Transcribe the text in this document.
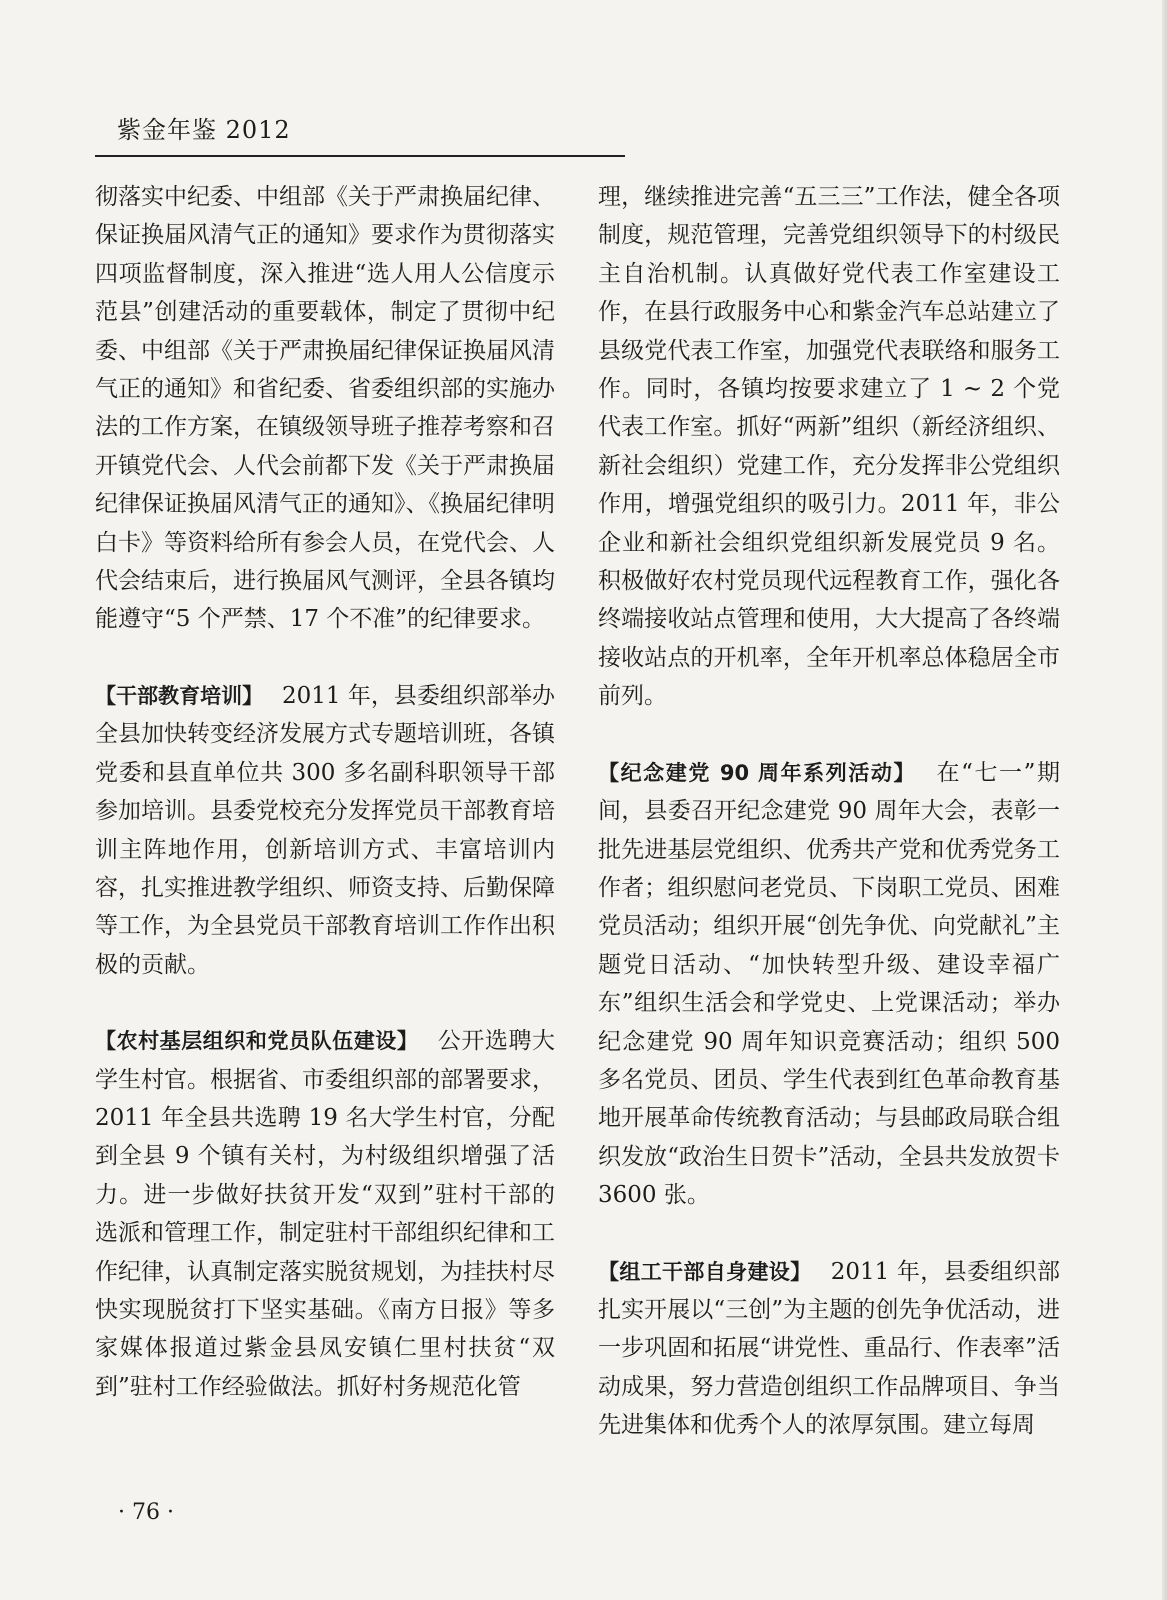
紫金年鉴 2012

彻落实中纪委、中组部《关于严肃换届纪律、保证换届风清气正的通知》要求作为贯彻落实四项监督制度，深入推进“选人用人公信度示范县”创建活动的重要载体，制定了贯彻中纪委、中组部《关于严肃换届纪律保证换届风清气正的通知》和省纪委、省委组织部的实施办法的工作方案，在镇级领导班子推荐考察和召开镇党代会、人代会前都下发《关于严肃换届纪律保证换届风清气正的通知》、《换届纪律明白卡》等资料给所有参会人员，在党代会、人代会结束后，进行换届风气测评，全县各镇均能遵守“5 个严禁、17 个不准”的纪律要求。

【干部教育培训】  2011 年，县委组织部举办全县加快转变经济发展方式专题培训班，各镇党委和县直单位共 300 多名副科职领导干部参加培训。县委党校充分发挥党员干部教育培训主阵地作用，创新培训方式、丰富培训内容，扎实推进教学组织、师资支持、后勤保障等工作，为全县党员干部教育培训工作作出积极的贡献。

【农村基层组织和党员队伍建设】  公开选聘大学生村官。根据省、市委组织部的部署要求，2011 年全县共选聘 19 名大学生村官，分配到全县 9 个镇有关村，为村级组织增强了活力。进一步做好扶贫开发“双到”驻村干部的选派和管理工作，制定驻村干部组织纪律和工作纪律，认真制定落实脱贫规划，为挂扶村尽快实现脱贫打下坚实基础。《南方日报》等多家媒体报道过紫金县凤安镇仁里村扶贫“双到”驻村工作经验做法。抓好村务规范化管

理，继续推进完善“五三三”工作法，健全各项制度，规范管理，完善党组织领导下的村级民主自治机制。认真做好党代表工作室建设工作，在县行政服务中心和紫金汽车总站建立了县级党代表工作室，加强党代表联络和服务工作。同时，各镇均按要求建立了 1 ~ 2 个党代表工作室。抓好“两新”组织（新经济组织、新社会组织）党建工作，充分发挥非公党组织作用，增强党组织的吸引力。2011 年，非公企业和新社会组织党组织新发展党员 9 名。积极做好农村党员现代远程教育工作，强化各终端接收站点管理和使用，大大提高了各终端接收站点的开机率，全年开机率总体稳居全市前列。

【纪念建党 90 周年系列活动】  在“七一”期间，县委召开纪念建党 90 周年大会，表彰一批先进基层党组织、优秀共产党和优秀党务工作者；组织慰问老党员、下岗职工党员、困难党员活动；组织开展“创先争优、向党献礼”主题党日活动、“加快转型升级、建设幸福广东”组织生活会和学党史、上党课活动；举办纪念建党 90 周年知识竞赛活动；组织 500 多名党员、团员、学生代表到红色革命教育基地开展革命传统教育活动；与县邮政局联合组织发放“政治生日贺卡”活动，全县共发放贺卡 3600 张。

【组工干部自身建设】  2011 年，县委组织部扎实开展以“三创”为主题的创先争优活动，进一步巩固和拓展“讲党性、重品行、作表率”活动成果，努力营造创组织工作品牌项目、争当先进集体和优秀个人的浓厚氛围。建立每周

· 76 ·
